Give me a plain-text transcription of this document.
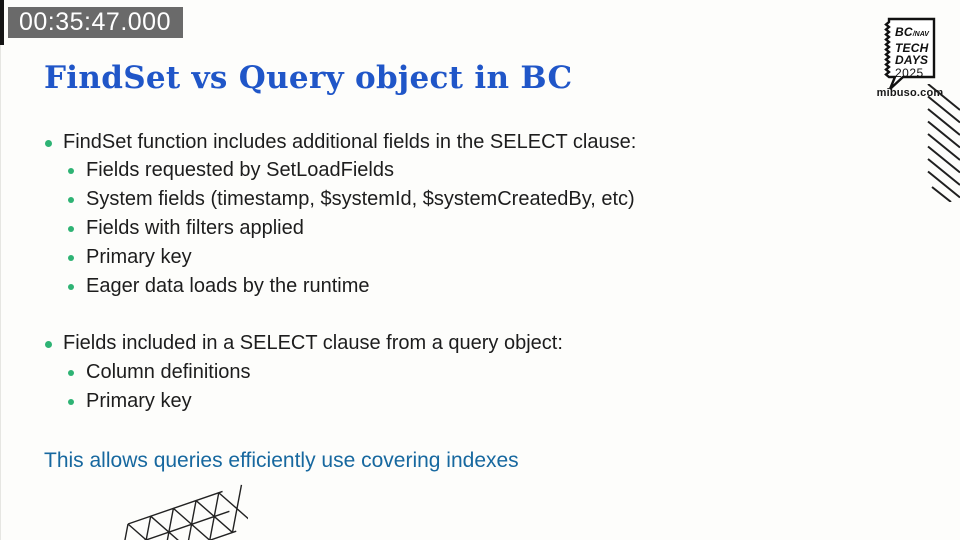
00:35:47.000	BC/NAV
TECH
DAYS
2025
mibuso.com
FindSet vs Query object in BC
FindSet function includes additional fields in the SELECT clause:
Fields requested by SetLoadFields
System fields (timestamp, $systemId, $systemCreatedBy, etc)
Fields with filters applied
Primary key
Eager data loads by the runtime
Fields included in a SELECT clause from a query object:
Column definitions
Primary key
This allows queries efficiently use covering indexes
